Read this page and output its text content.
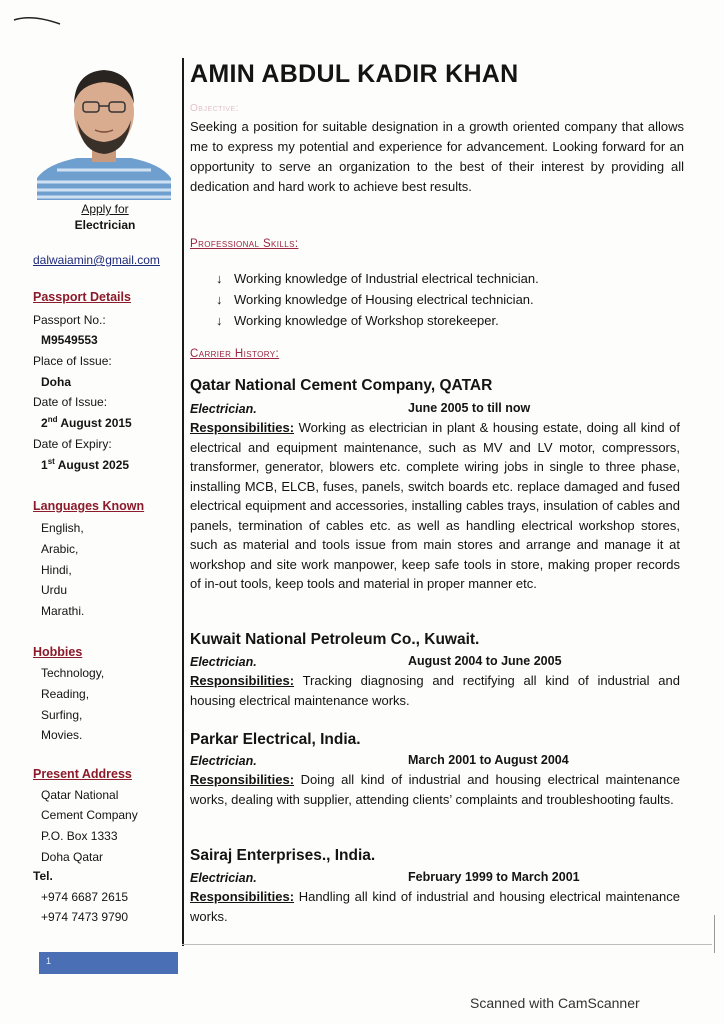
Apply for
Electrician
dalwaiamin@gmail.com
Passport Details
Passport No.:
M9549553
Place of Issue:
Doha
Date of Issue:
2nd August 2015
Date of Expiry:
1st August 2025
Languages Known
English,
Arabic,
Hindi,
Urdu
Marathi.
Hobbies
Technology,
Reading,
Surfing,
Movies.
Present Address
Qatar National
Cement Company
P.O. Box 1333
Doha Qatar
Tel.
+974 6687 2615
+974 7473 9790
AMIN ABDUL KADIR KHAN
Objective:
Seeking a position for suitable designation in a growth oriented company that allows me to express my potential and experience for advancement. Looking forward for an opportunity to serve an organization to the best of their interest by providing all dedication and hard work to achieve best results.
Professional Skills:
↓ Working knowledge of Industrial electrical technician.
↓ Working knowledge of Housing electrical technician.
↓ Working knowledge of Workshop storekeeper.
Carrier History:
Qatar National Cement Company, QATAR
Electrician.	June 2005 to till now
Responsibilities: Working as electrician in plant & housing estate, doing all kind of electrical and equipment maintenance, such as MV and LV motor, compressors, transformer, generator, blowers etc. complete wiring jobs in single to three phase, installing MCB, ELCB, fuses, panels, switch boards etc. replace damaged and fused electrical equipment and accessories, installing cables trays, insulation of cables and panels, termination of cables etc. as well as handling electrical workshop stores, such as material and tools issue from main stores and arrange and manage it at workshop and site work manpower, keep safe tools in store, making proper records of in-out tools, keep tools and material in proper manner etc.
Kuwait National Petroleum Co., Kuwait.
Electrician.	August 2004 to June 2005
Responsibilities: Tracking diagnosing and rectifying all kind of industrial and housing electrical maintenance works.
Parkar Electrical, India.
Electrician.	March 2001 to August 2004
Responsibilities: Doing all kind of industrial and housing electrical maintenance works, dealing with supplier, attending clients’ complaints and troubleshooting faults.
Sairaj Enterprises., India.
Electrician.	February 1999 to March 2001
Responsibilities: Handling all kind of industrial and housing electrical maintenance works.
1
Scanned with CamScanner
